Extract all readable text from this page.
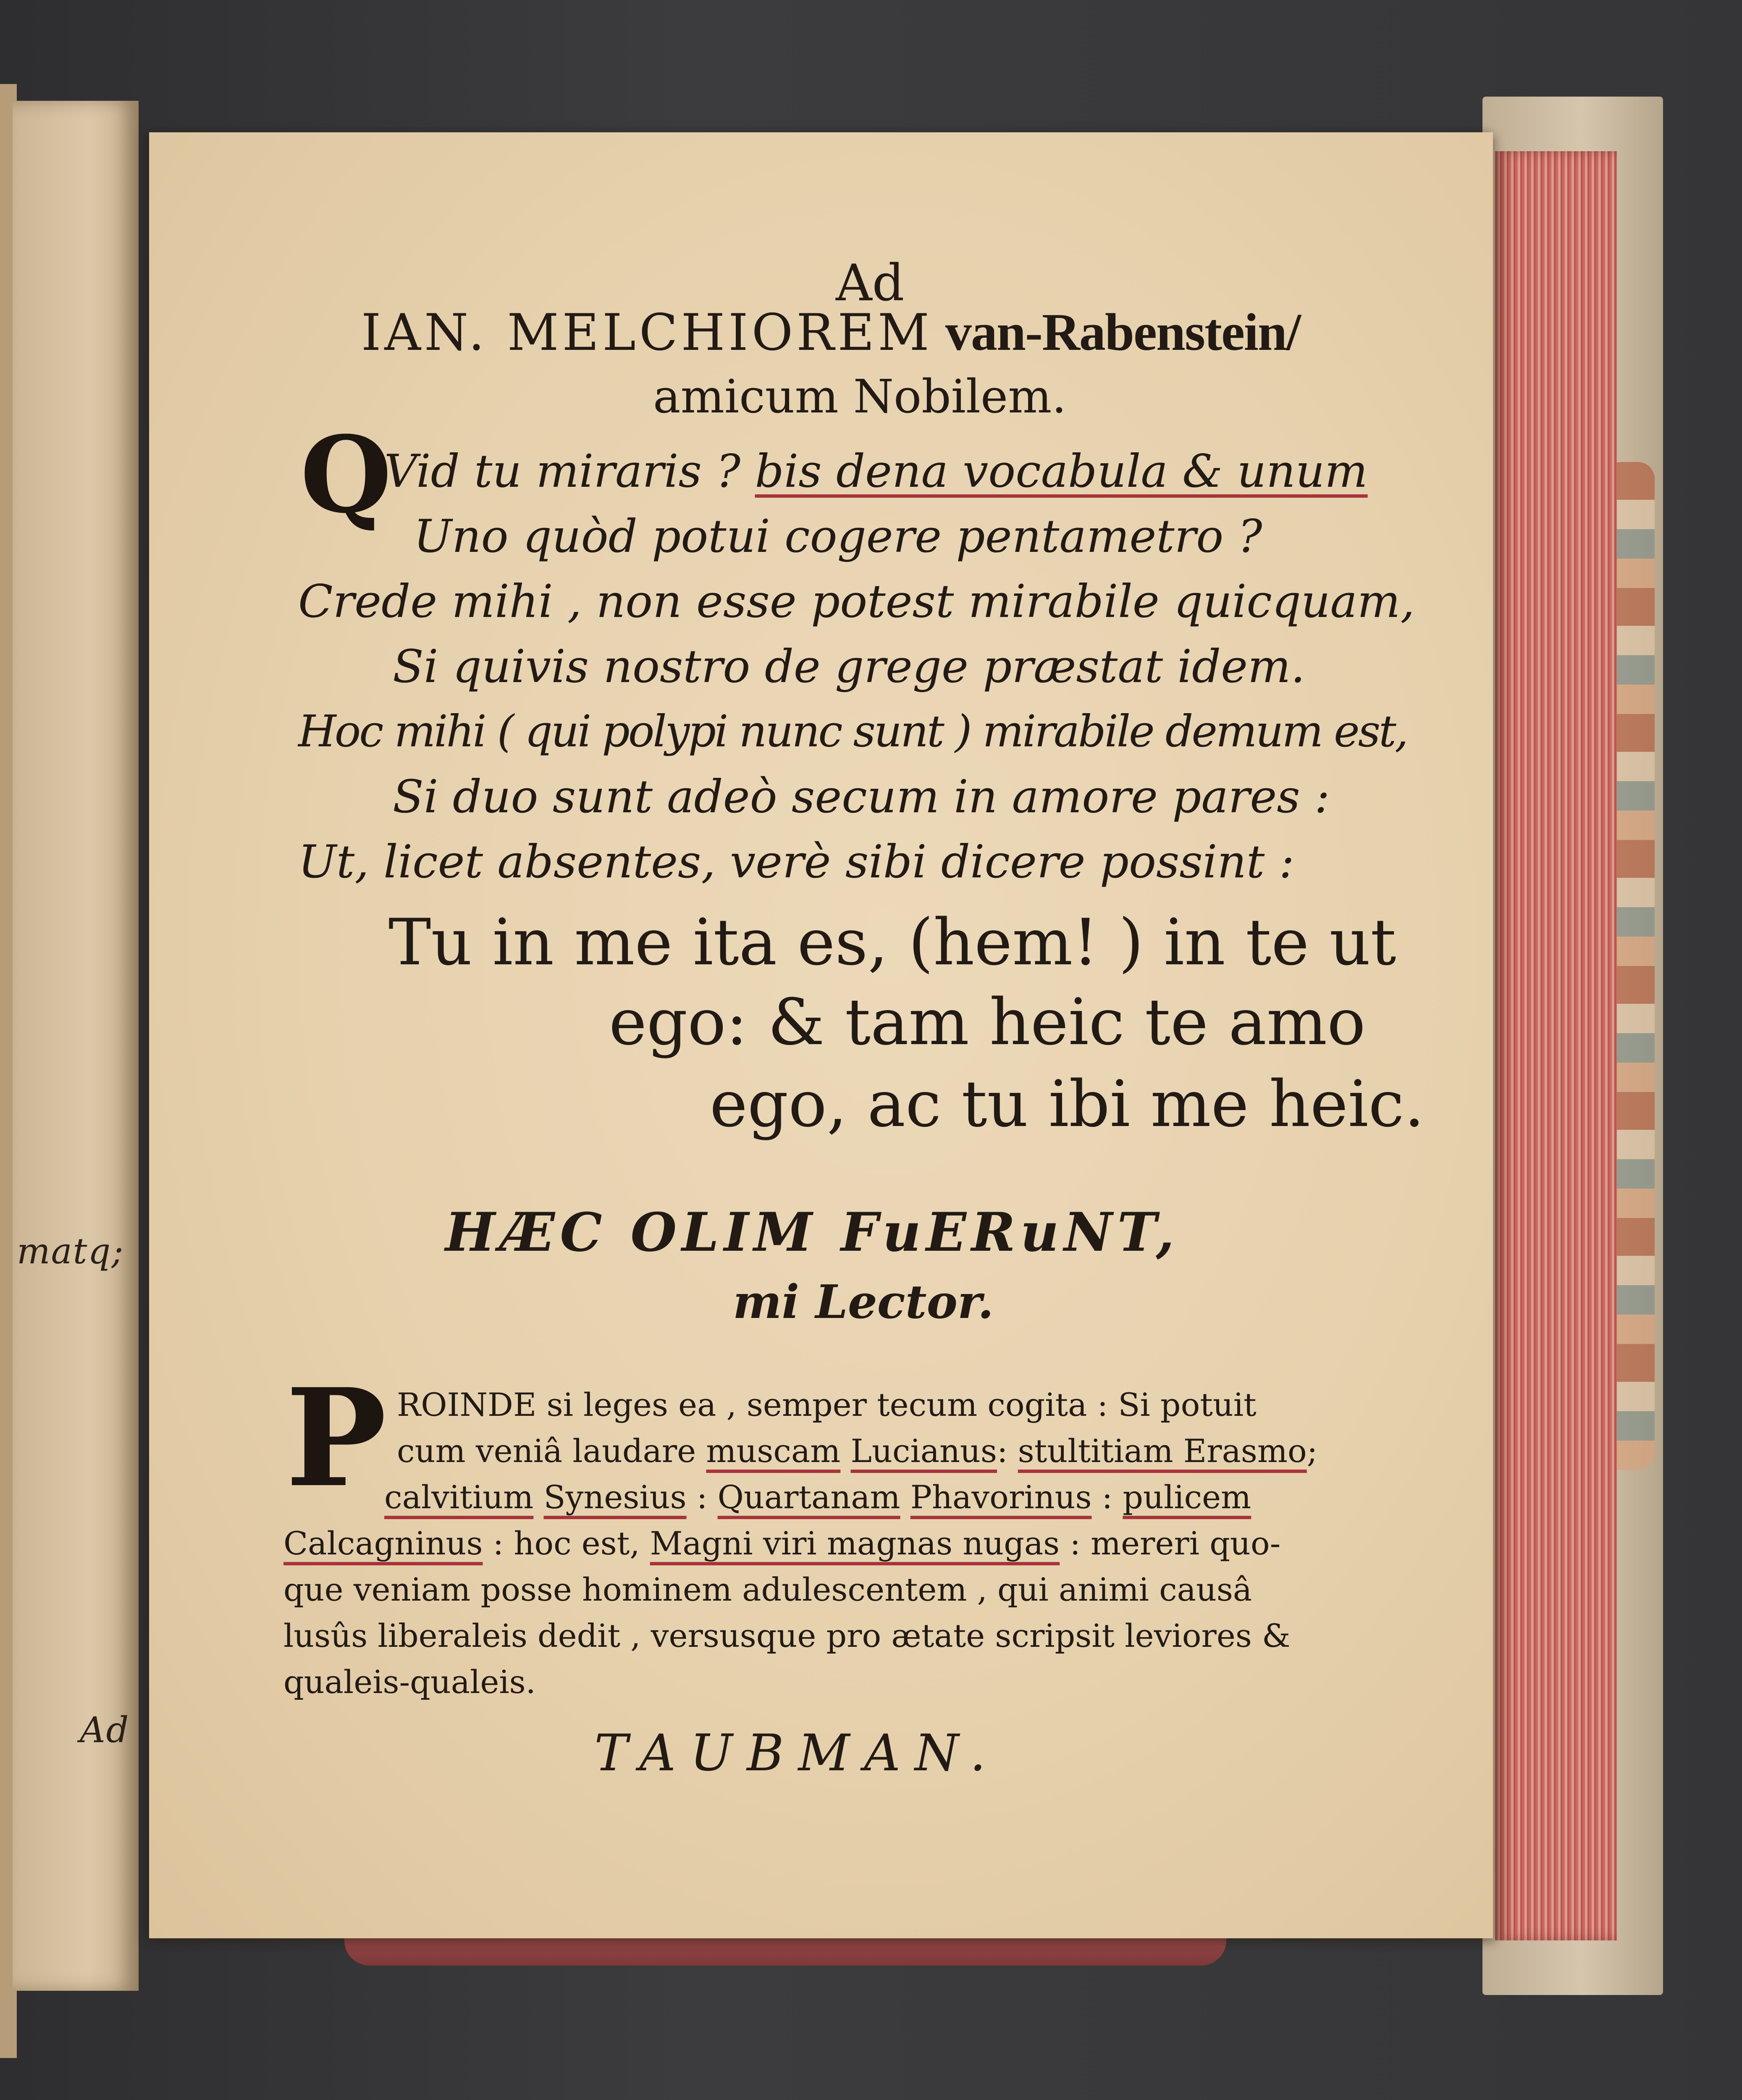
matq;
Ad
Ad
IAN. MELCHIOREM van-Rabenstein/
amicum Nobilem.
Q
Vid tu miraris ? bis dena vocabula & unum
Uno quòd potui cogere pentametro ?
Crede mihi , non esse potest mirabile quicquam,
Si quivis nostro de grege præstat idem.
Hoc mihi ( qui polypi nunc sunt ) mirabile demum est,
Si duo sunt adeò secum in amore pares :
Ut, licet absentes, verè sibi dicere possint :
Tu in me ita es, (hem! ) in te ut
ego: & tam heic te amo
ego, ac tu ibi me heic.
HÆC OLIM FuERuNT,
mi Lector.
P ROINDE si leges ea , semper tecum cogita : Si potuit
cum veniâ laudare muscam Lucianus: stultitiam Erasmo;
calvitium Synesius : Quartanam Phavorinus : pulicem
Calcagninus : hoc est, Magni viri magnas nugas : mereri quo-
que veniam posse hominem adulescentem , qui animi causâ
lusûs liberaleis dedit , versusque pro ætate scripsit leviores &
qualeis-qualeis.
TAUBMAN.
